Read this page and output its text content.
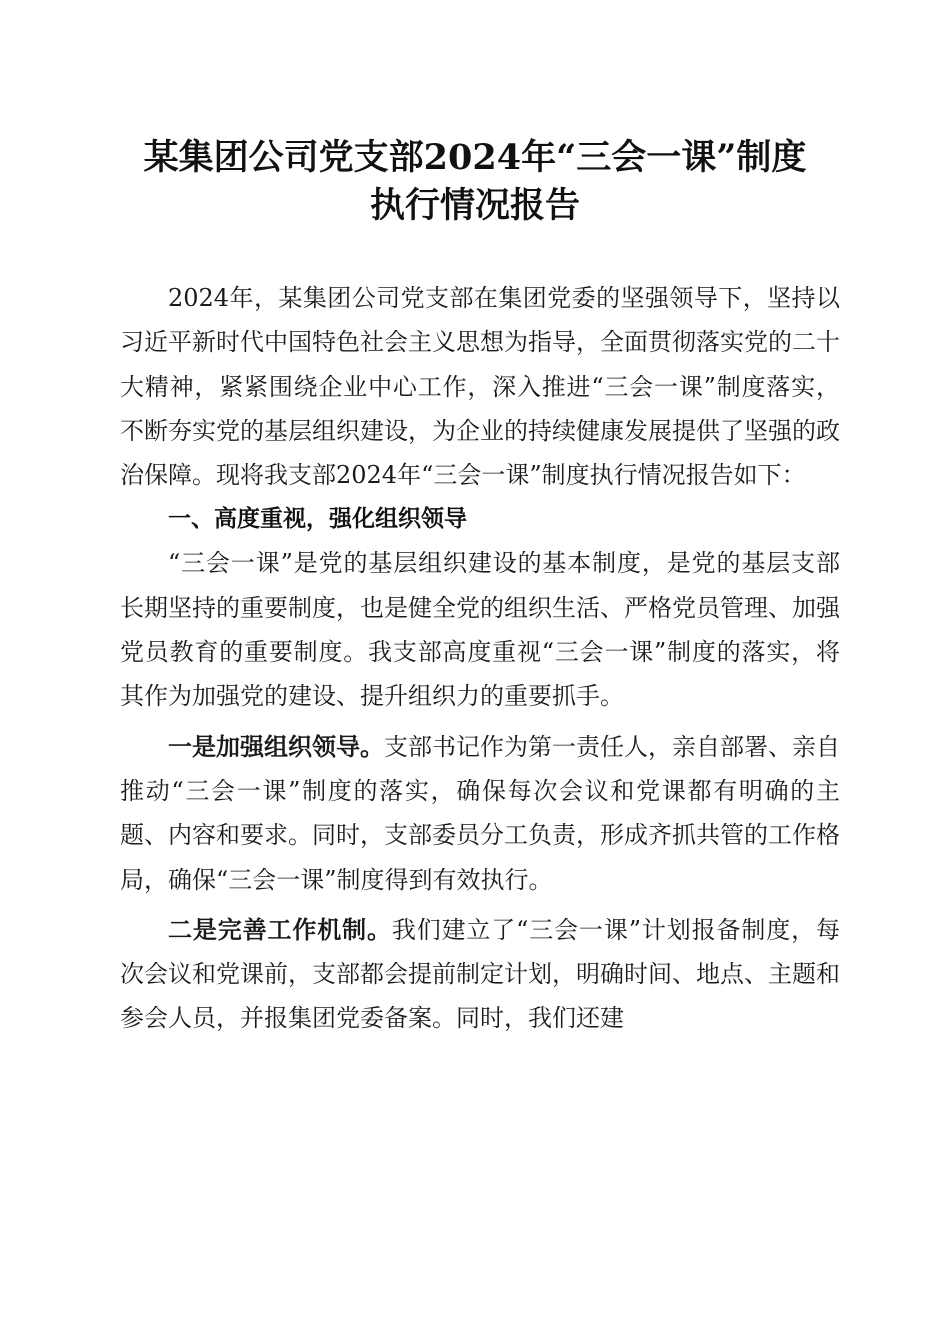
某集团公司党支部2024年“三会一课”制度
执行情况报告

2024年，某集团公司党支部在集团党委的坚强领导下，坚持以习近平新时代中国特色社会主义思想为指导，全面贯彻落实党的二十大精神，紧紧围绕企业中心工作，深入推进“三会一课”制度落实，不断夯实党的基层组织建设，为企业的持续健康发展提供了坚强的政治保障。现将我支部2024年“三会一课”制度执行情况报告如下：

一、高度重视，强化组织领导

“三会一课”是党的基层组织建设的基本制度，是党的基层支部长期坚持的重要制度，也是健全党的组织生活、严格党员管理、加强党员教育的重要制度。我支部高度重视“三会一课”制度的落实，将其作为加强党的建设、提升组织力的重要抓手。

一是加强组织领导。支部书记作为第一责任人，亲自部署、亲自推动“三会一课”制度的落实，确保每次会议和党课都有明确的主题、内容和要求。同时，支部委员分工负责，形成齐抓共管的工作格局，确保“三会一课”制度得到有效执行。

二是完善工作机制。我们建立了“三会一课”计划报备制度，每次会议和党课前，支部都会提前制定计划，明确时间、地点、主题和参会人员，并报集团党委备案。同时，我们还建
